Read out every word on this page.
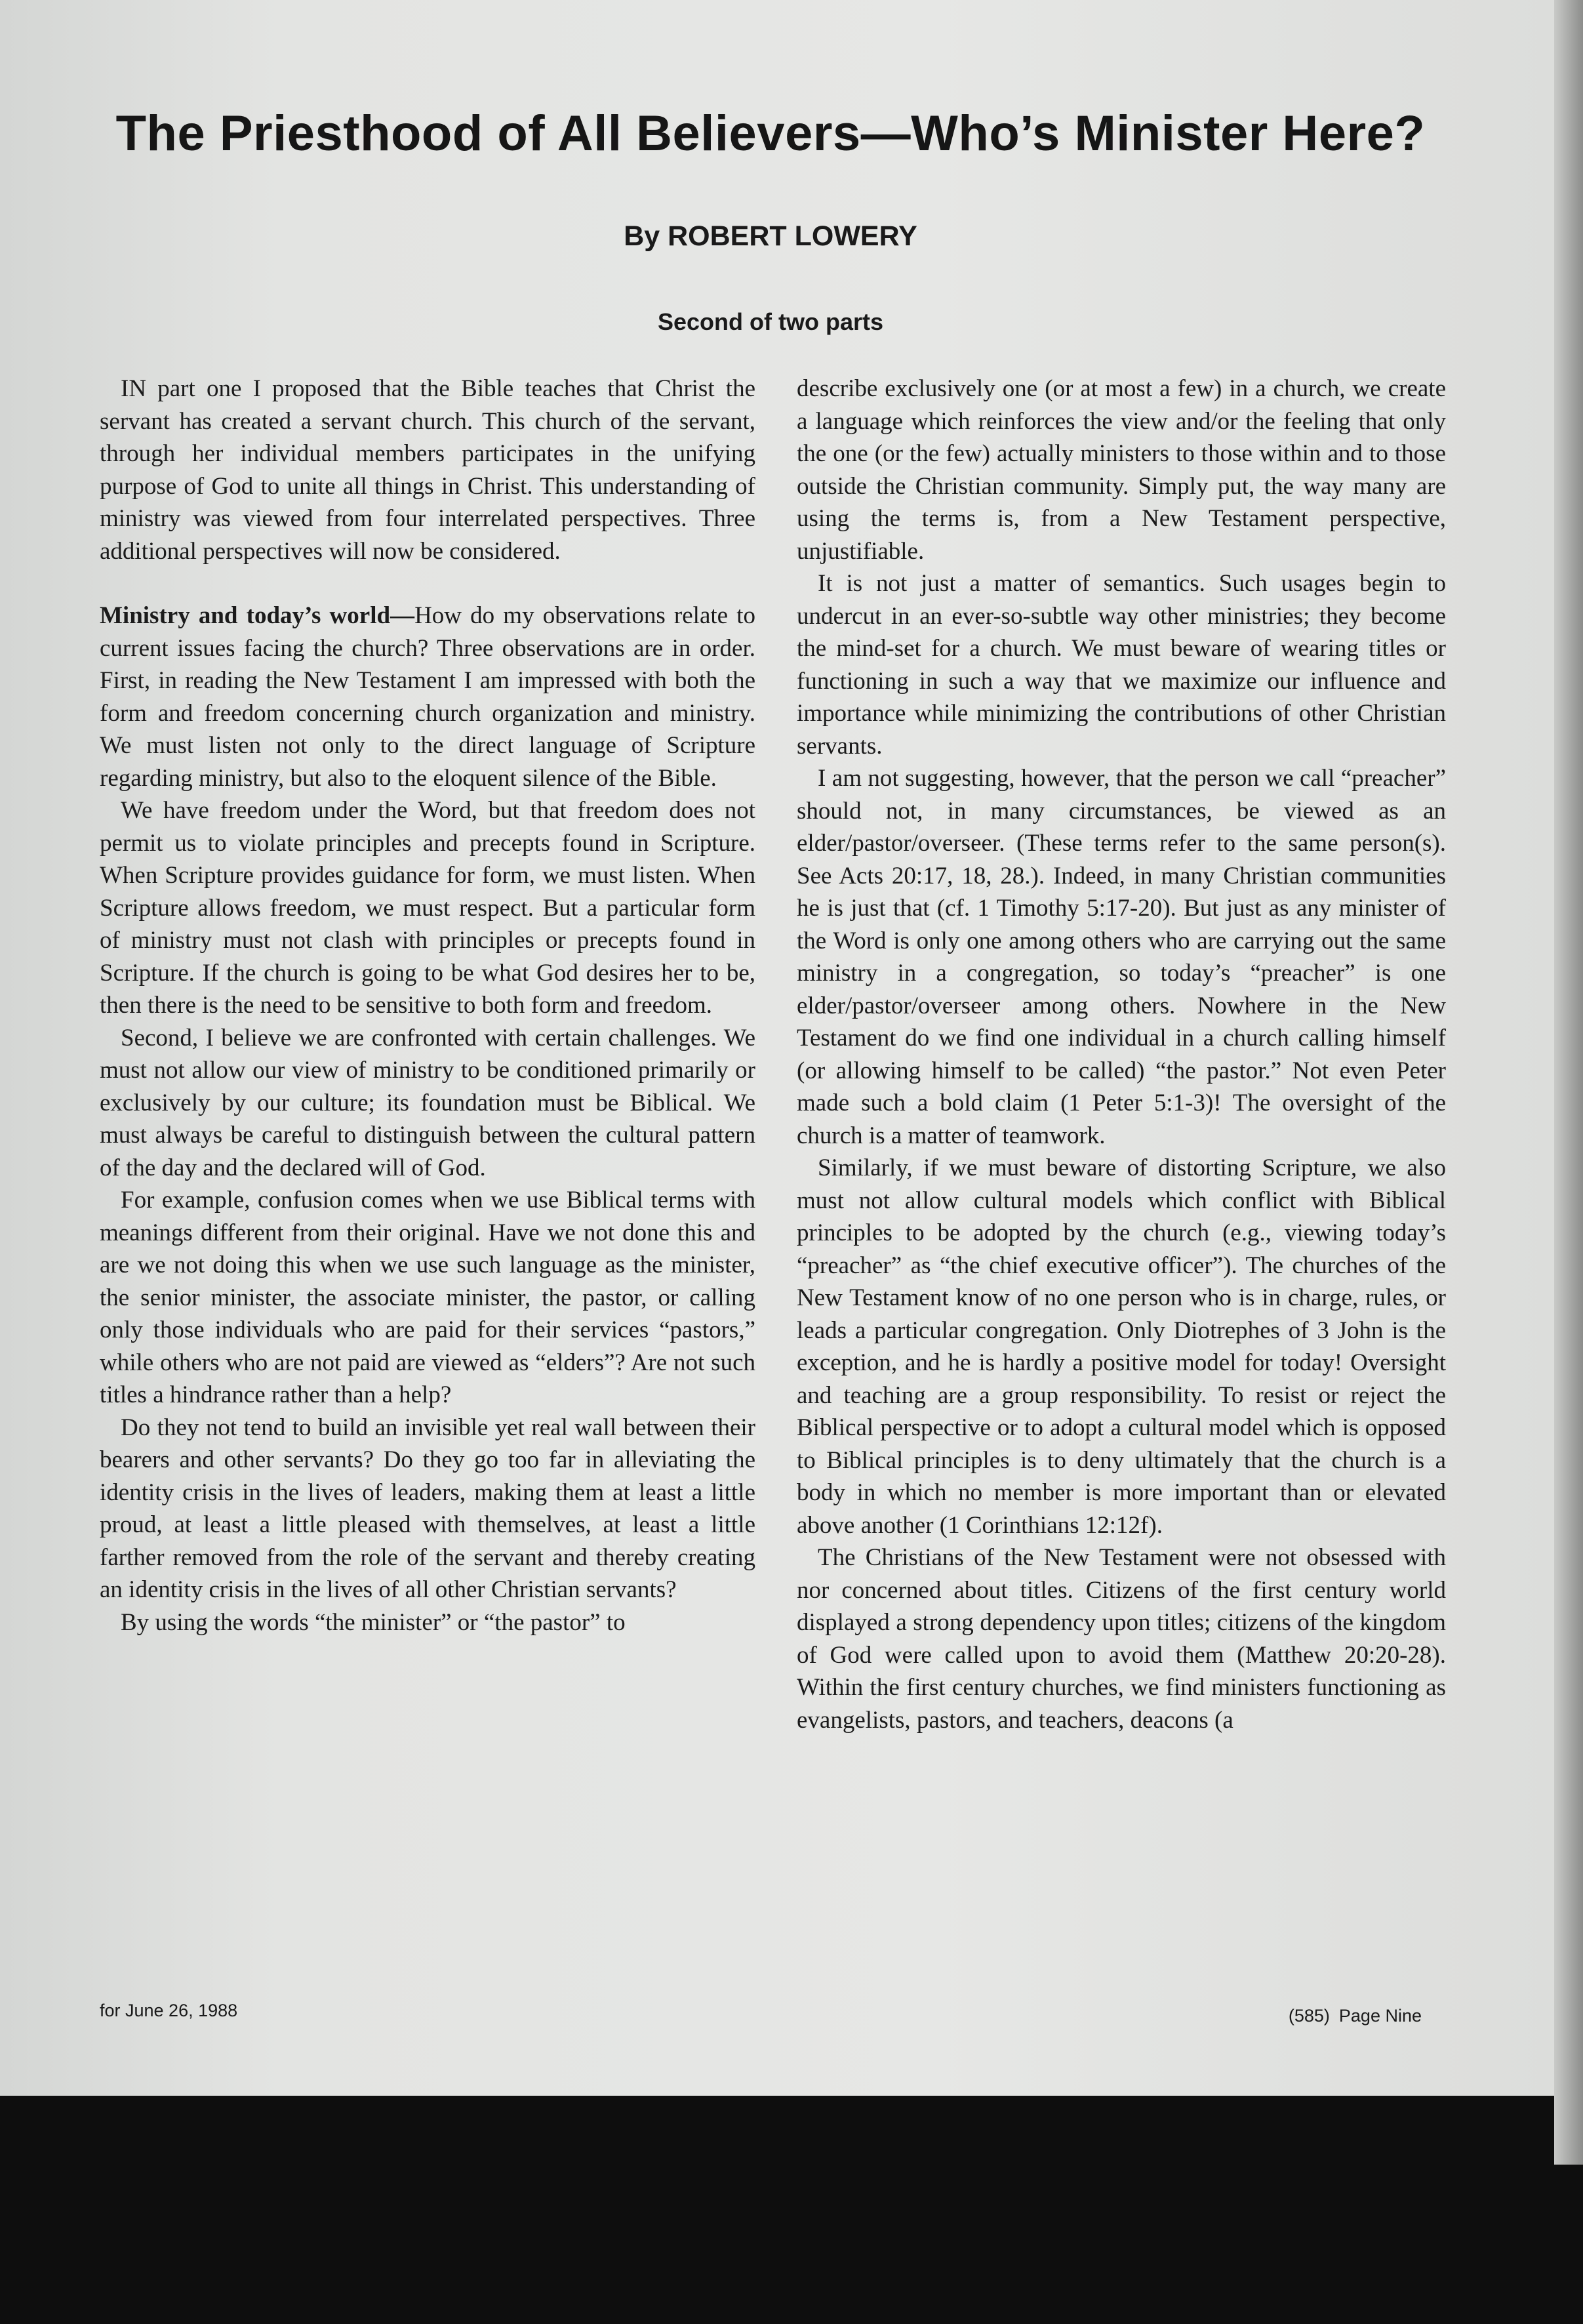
The Priesthood of All Believers—Who’s Minister Here?
By ROBERT LOWERY
Second of two parts

IN part one I proposed that the Bible teaches that Christ the servant has created a servant church. This church of the servant, through her individual members participates in the unifying purpose of God to unite all things in Christ. This understanding of ministry was viewed from four interrelated perspectives. Three additional perspectives will now be considered.

Ministry and today’s world—How do my observations relate to current issues facing the church? Three observations are in order. First, in reading the New Testament I am impressed with both the form and freedom concerning church organization and ministry. We must listen not only to the direct language of Scripture regarding ministry, but also to the eloquent silence of the Bible.

We have freedom under the Word, but that freedom does not permit us to violate principles and precepts found in Scripture. When Scripture provides guidance for form, we must listen. When Scripture allows freedom, we must respect. But a particular form of ministry must not clash with principles or precepts found in Scripture. If the church is going to be what God desires her to be, then there is the need to be sensitive to both form and freedom.

Second, I believe we are confronted with certain challenges. We must not allow our view of ministry to be conditioned primarily or exclusively by our culture; its foundation must be Biblical. We must always be careful to distinguish between the cultural pattern of the day and the declared will of God.

For example, confusion comes when we use Biblical terms with meanings different from their original. Have we not done this and are we not doing this when we use such language as the minister, the senior minister, the associate minister, the pastor, or calling only those individuals who are paid for their services “pastors,” while others who are not paid are viewed as “elders”? Are not such titles a hindrance rather than a help?

Do they not tend to build an invisible yet real wall between their bearers and other servants? Do they go too far in alleviating the identity crisis in the lives of leaders, making them at least a little proud, at least a little pleased with themselves, at least a little farther removed from the role of the servant and thereby creating an identity crisis in the lives of all other Christian servants?

By using the words “the minister” or “the pastor” to

describe exclusively one (or at most a few) in a church, we create a language which reinforces the view and/or the feeling that only the one (or the few) actually ministers to those within and to those outside the Christian community. Simply put, the way many are using the terms is, from a New Testament perspective, unjustifiable.

It is not just a matter of semantics. Such usages begin to undercut in an ever-so-subtle way other ministries; they become the mind-set for a church. We must beware of wearing titles or functioning in such a way that we maximize our influence and importance while minimizing the contributions of other Christian servants.

I am not suggesting, however, that the person we call “preacher” should not, in many circumstances, be viewed as an elder/pastor/overseer. (These terms refer to the same person(s). See Acts 20:17, 18, 28.). Indeed, in many Christian communities he is just that (cf. 1 Timothy 5:17-20). But just as any minister of the Word is only one among others who are carrying out the same ministry in a congregation, so today’s “preacher” is one elder/pastor/overseer among others. Nowhere in the New Testament do we find one individual in a church calling himself (or allowing himself to be called) “the pastor.” Not even Peter made such a bold claim (1 Peter 5:1-3)! The oversight of the church is a matter of teamwork.

Similarly, if we must beware of distorting Scripture, we also must not allow cultural models which conflict with Biblical principles to be adopted by the church (e.g., viewing today’s “preacher” as “the chief executive officer”). The churches of the New Testament know of no one person who is in charge, rules, or leads a particular congregation. Only Diotrephes of 3 John is the exception, and he is hardly a positive model for today! Oversight and teaching are a group responsibility. To resist or reject the Biblical perspective or to adopt a cultural model which is opposed to Biblical principles is to deny ultimately that the church is a body in which no member is more important than or elevated above another (1 Corinthians 12:12f).

The Christians of the New Testament were not obsessed with nor concerned about titles. Citizens of the first century world displayed a strong dependency upon titles; citizens of the kingdom of God were called upon to avoid them (Matthew 20:20-28). Within the first century churches, we find ministers functioning as evangelists, pastors, and teachers, deacons (a

for June 26, 1988	(585) Page Nine
